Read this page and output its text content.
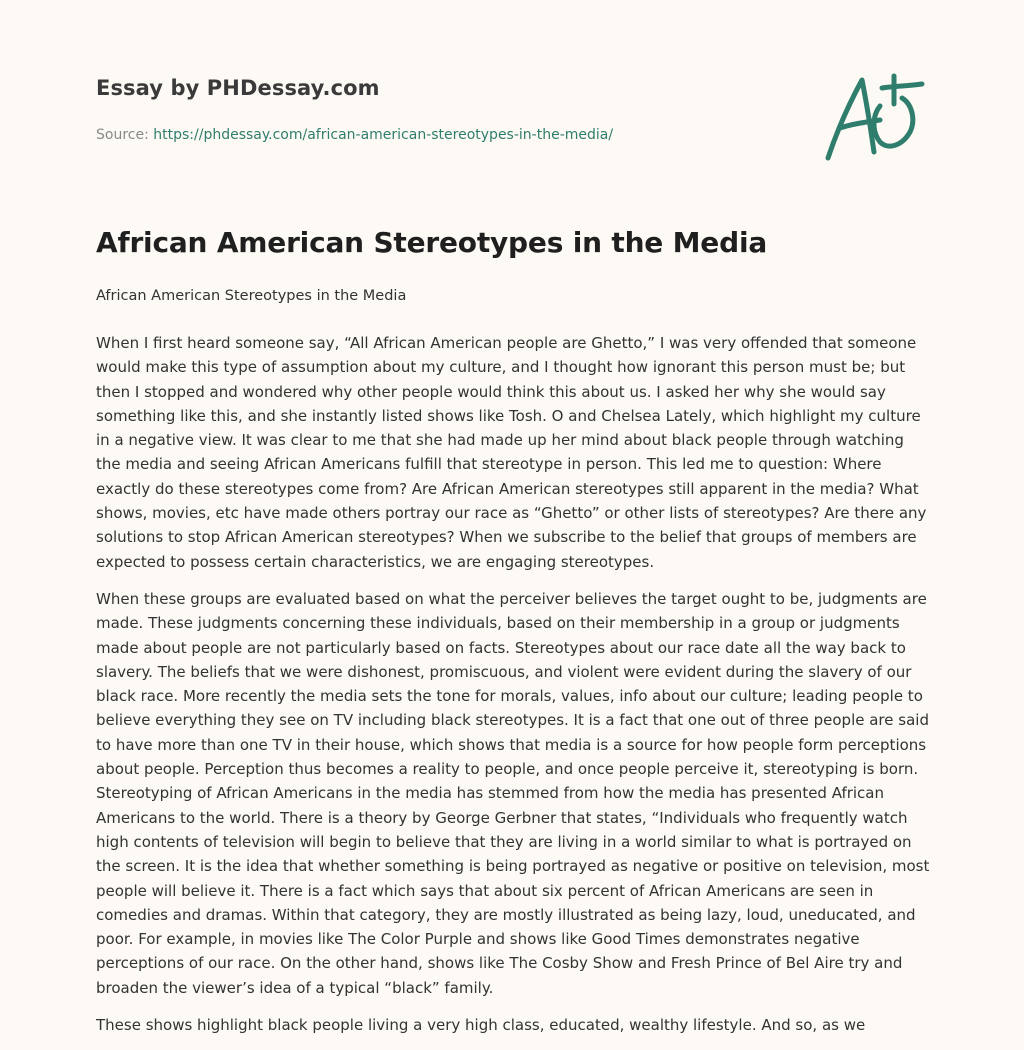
Essay by PHDessay.com
Source: https://phdessay.com/african-american-stereotypes-in-the-media/
African American Stereotypes in the Media
African American Stereotypes in the Media

When I first heard someone say, “All African American people are Ghetto,” I was very offended that someone would make this type of assumption about my culture, and I thought how ignorant this person must be; but then I stopped and wondered why other people would think this about us. I asked her why she would say something like this, and she instantly listed shows like Tosh. O and Chelsea Lately, which highlight my culture in a negative view. It was clear to me that she had made up her mind about black people through watching the media and seeing African Americans fulfill that stereotype in person. This led me to question: Where exactly do these stereotypes come from? Are African American stereotypes still apparent in the media? What shows, movies, etc have made others portray our race as “Ghetto” or other lists of stereotypes? Are there any solutions to stop African American stereotypes? When we subscribe to the belief that groups of members are expected to possess certain characteristics, we are engaging stereotypes.

When these groups are evaluated based on what the perceiver believes the target ought to be, judgments are made. These judgments concerning these individuals, based on their membership in a group or judgments made about people are not particularly based on facts. Stereotypes about our race date all the way back to slavery. The beliefs that we were dishonest, promiscuous, and violent were evident during the slavery of our black race. More recently the media sets the tone for morals, values, info about our culture; leading people to believe everything they see on TV including black stereotypes. It is a fact that one out of three people are said to have more than one TV in their house, which shows that media is a source for how people form perceptions about people. Perception thus becomes a reality to people, and once people perceive it, stereotyping is born. Stereotyping of African Americans in the media has stemmed from how the media has presented African Americans to the world. There is a theory by George Gerbner that states, “Individuals who frequently watch high contents of television will begin to believe that they are living in a world similar to what is portrayed on the screen. It is the idea that whether something is being portrayed as negative or positive on television, most people will believe it. There is a fact which says that about six percent of African Americans are seen in comedies and dramas. Within that category, they are mostly illustrated as being lazy, loud, uneducated, and poor. For example, in movies like The Color Purple and shows like Good Times demonstrates negative perceptions of our race. On the other hand, shows like The Cosby Show and Fresh Prince of Bel Aire try and broaden the viewer’s idea of a typical “black” family.

These shows highlight black people living a very high class, educated, wealthy lifestyle. And so, as we
